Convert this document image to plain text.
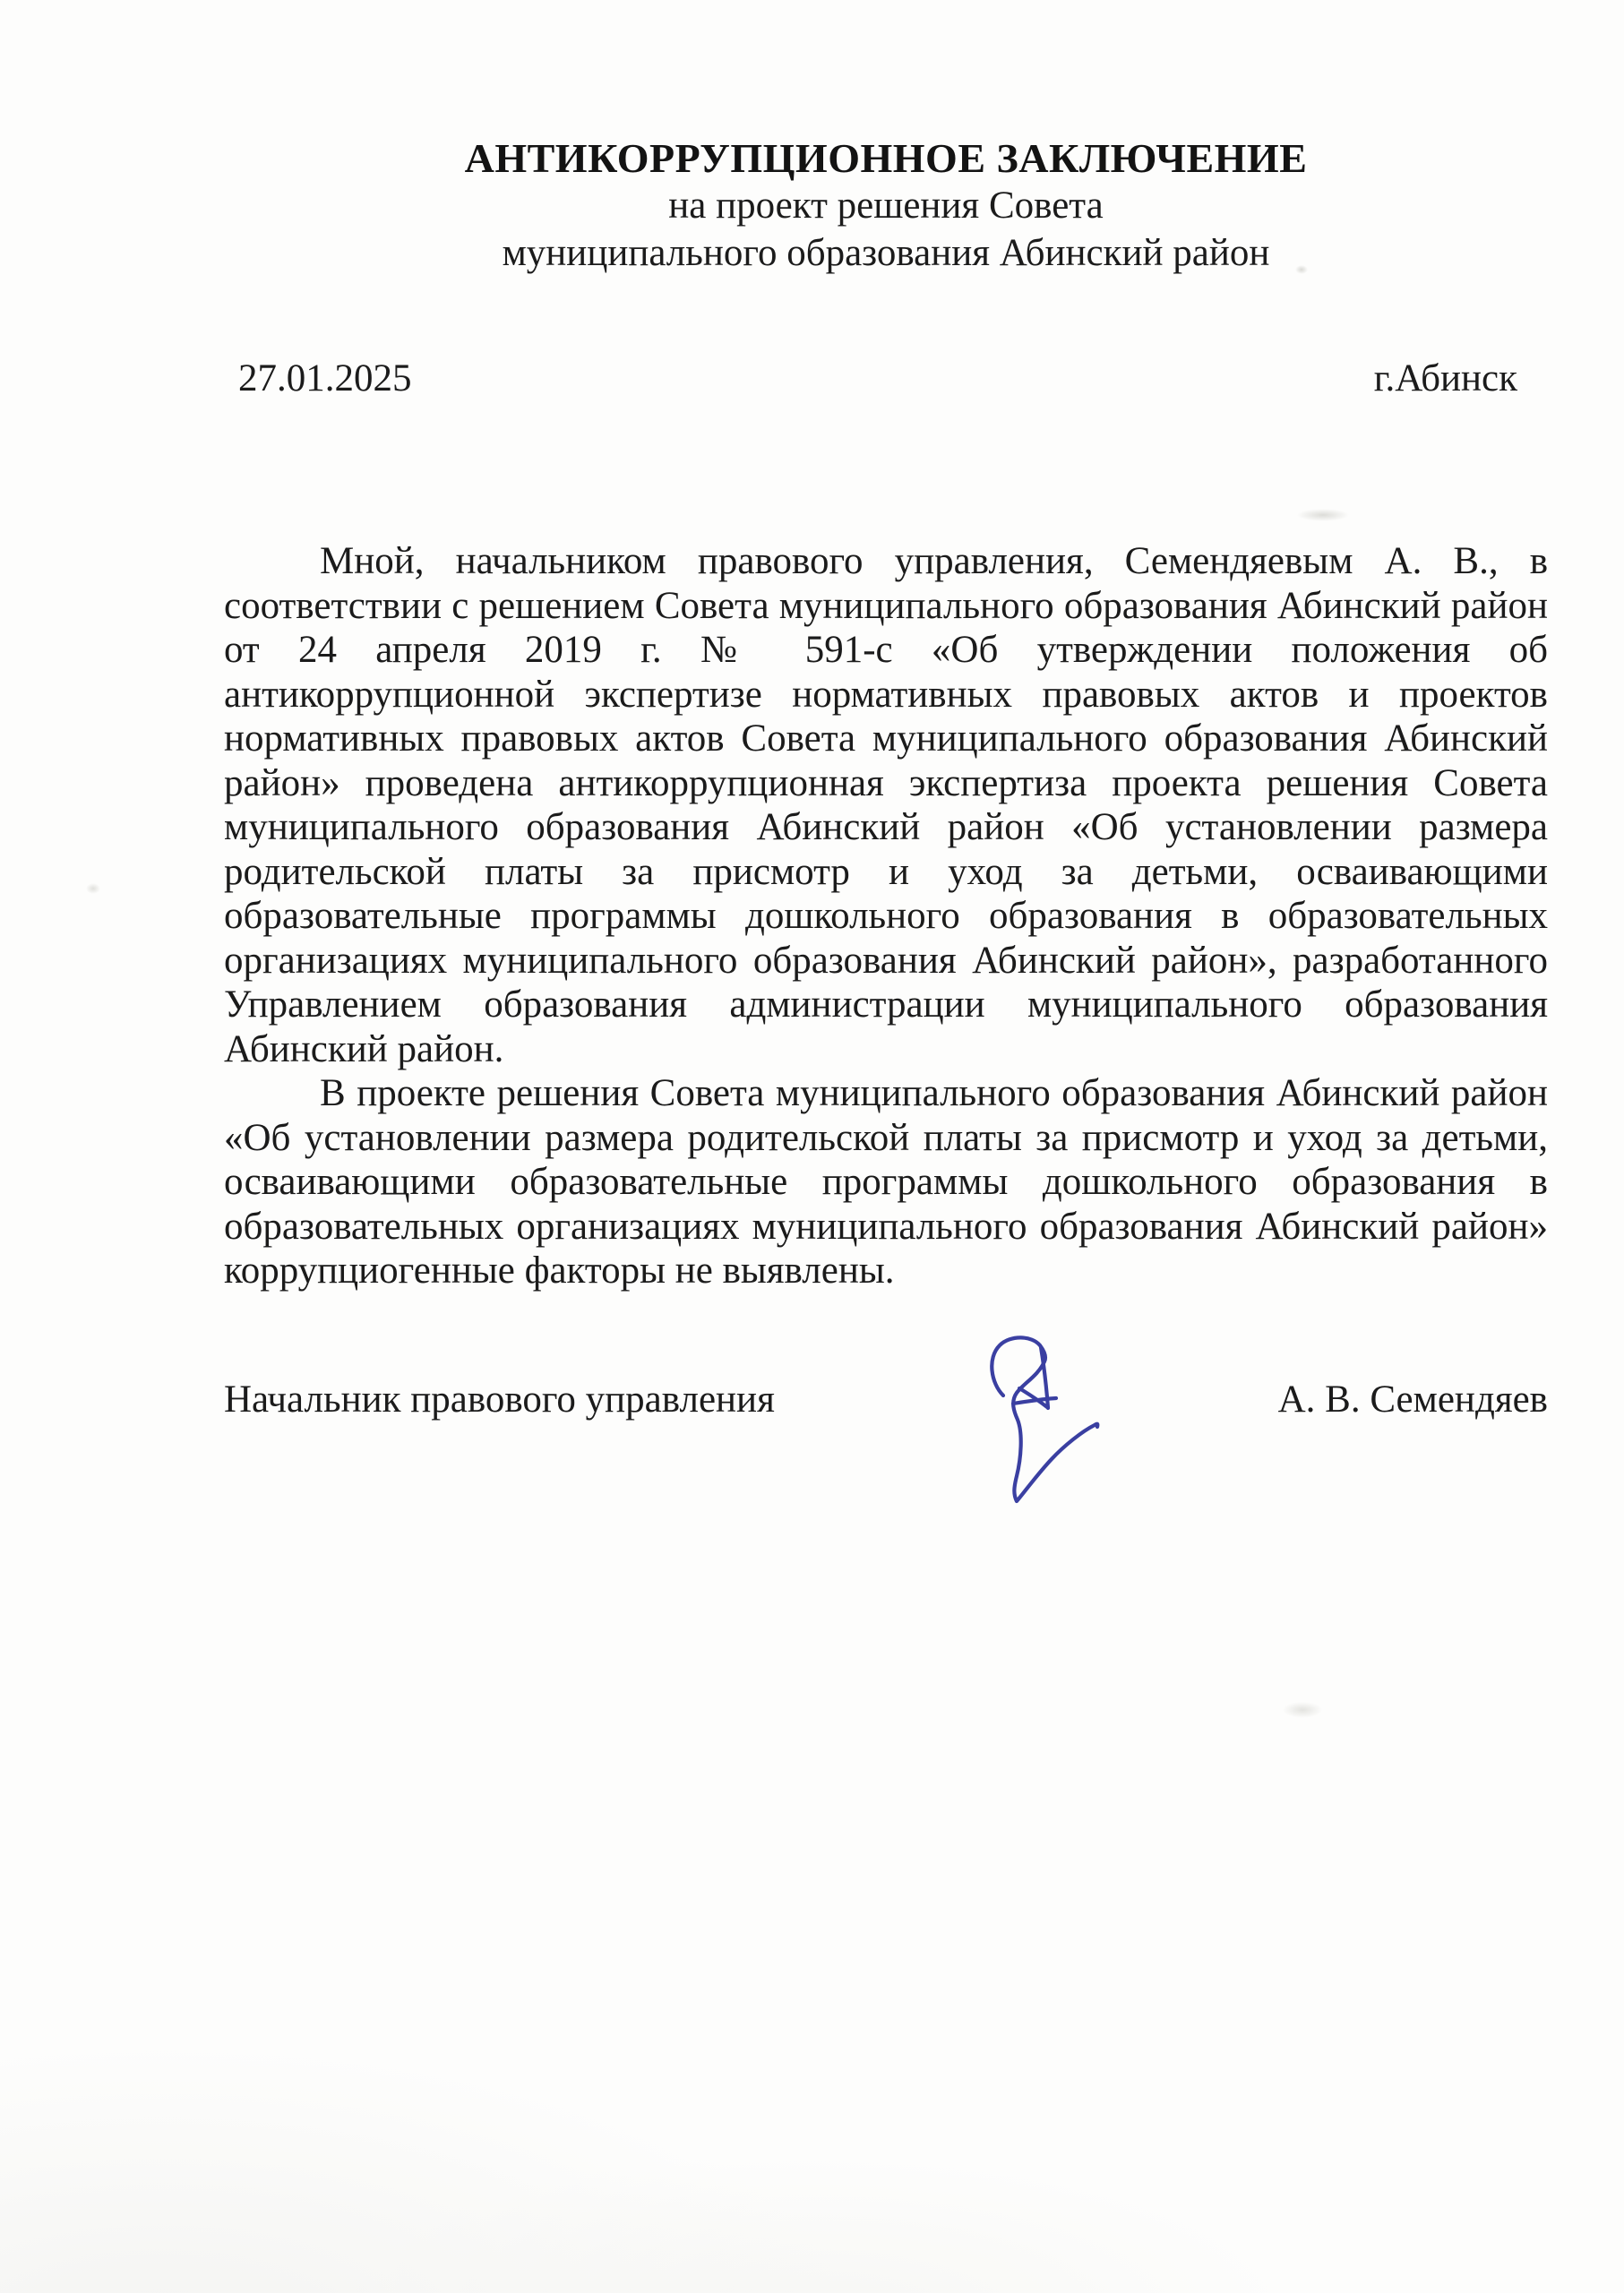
АНТИКОРРУПЦИОННОЕ ЗАКЛЮЧЕНИЕ
на проект решения Совета
муниципального образования Абинский район
27.01.2025	г.Абинск
Мной, начальником правового управления, Семендяевым А. В., в
соответствии с решением Совета муниципального образования Абинский район
от 24 апреля 2019 г. № 591-с «Об утверждении положения об
антикоррупционной экспертизе нормативных правовых актов и проектов
нормативных правовых актов Совета муниципального образования Абинский
район» проведена антикоррупционная экспертиза проекта решения Совета
муниципального образования Абинский район «Об установлении размера
родительской платы за присмотр и уход за детьми, осваивающими
образовательные программы дошкольного образования в образовательных
организациях муниципального образования Абинский район», разработанного
Управлением образования администрации муниципального образования
Абинский район.
В проекте решения Совета муниципального образования Абинский район
«Об установлении размера родительской платы за присмотр и уход за детьми,
осваивающими образовательные программы дошкольного образования в
образовательных организациях муниципального образования Абинский район»
коррупциогенные факторы не выявлены.
Начальник правового управления	А. В. Семендяев
